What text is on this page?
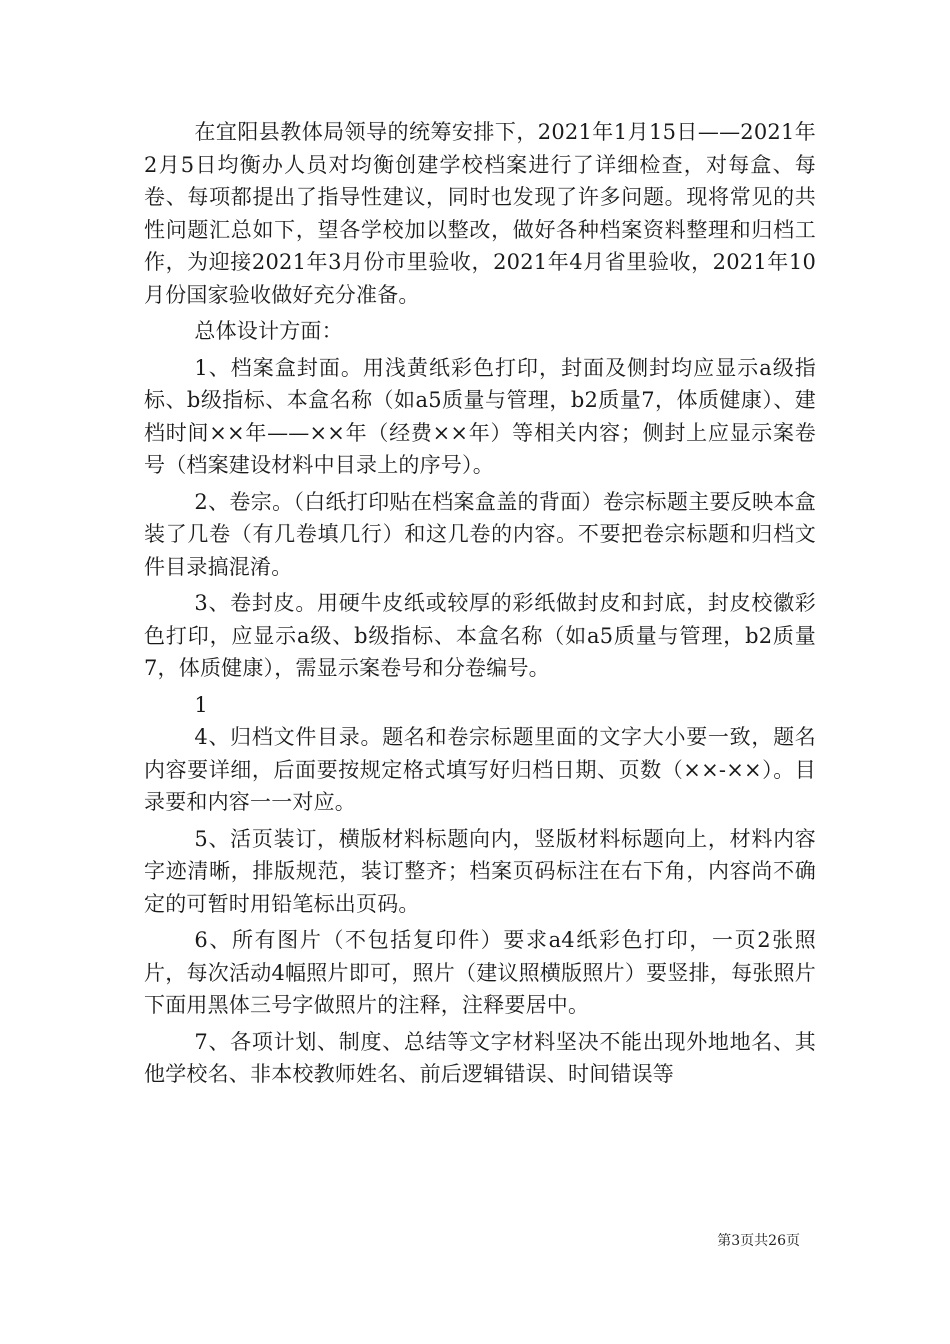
在宜阳县教体局领导的统筹安排下，2021年1月15日——2021年2月5日均衡办人员对均衡创建学校档案进行了详细检查，对每盒、每卷、每项都提出了指导性建议，同时也发现了许多问题。现将常见的共性问题汇总如下，望各学校加以整改，做好各种档案资料整理和归档工作，为迎接2021年3月份市里验收，2021年4月省里验收，2021年10月份国家验收做好充分准备。

总体设计方面：

1、档案盒封面。用浅黄纸彩色打印，封面及侧封均应显示a级指标、b级指标、本盒名称（如a5质量与管理，b2质量7，体质健康）、建档时间××年——××年（经费××年）等相关内容；侧封上应显示案卷号（档案建设材料中目录上的序号）。

2、卷宗。（白纸打印贴在档案盒盖的背面）卷宗标题主要反映本盒装了几卷（有几卷填几行）和这几卷的内容。不要把卷宗标题和归档文件目录搞混淆。

3、卷封皮。用硬牛皮纸或较厚的彩纸做封皮和封底，封皮校徽彩色打印，应显示a级、b级指标、本盒名称（如a5质量与管理，b2质量7，体质健康），需显示案卷号和分卷编号。

1

4、归档文件目录。题名和卷宗标题里面的文字大小要一致，题名内容要详细，后面要按规定格式填写好归档日期、页数（××-××）。目录要和内容一一对应。

5、活页装订，横版材料标题向内，竖版材料标题向上，材料内容字迹清晰，排版规范，装订整齐；档案页码标注在右下角，内容尚不确定的可暂时用铅笔标出页码。

6、所有图片（不包括复印件）要求a4纸彩色打印，一页2张照片，每次活动4幅照片即可，照片（建议照横版照片）要竖排，每张照片下面用黑体三号字做照片的注释，注释要居中。

7、各项计划、制度、总结等文字材料坚决不能出现外地地名、其他学校名、非本校教师姓名、前后逻辑错误、时间错误等

第3页共26页
